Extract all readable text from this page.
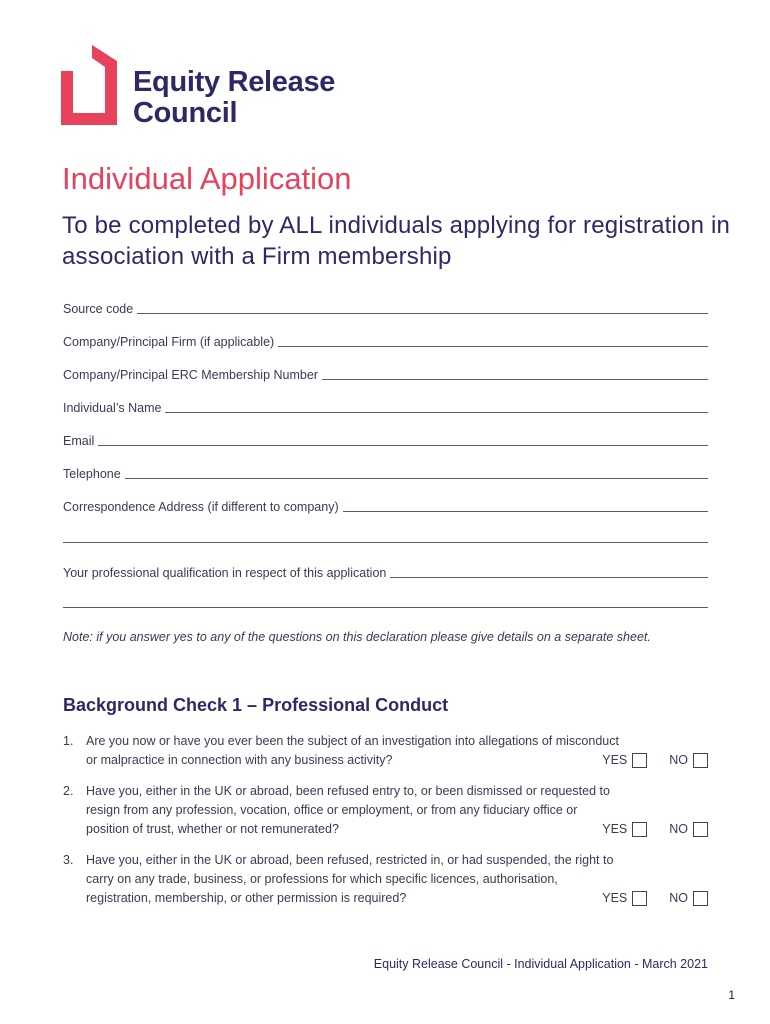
Equity Release
Council
Individual Application
To be completed by ALL individuals applying for registration in association with a Firm membership
Source code
Company/Principal Firm (if applicable)
Company/Principal ERC Membership Number
Individual’s Name
Email
Telephone
Correspondence Address (if different to company)
Your professional qualification in respect of this application
Note: if you answer yes to any of the questions on this declaration please give details on a separate sheet.
Background Check 1 – Professional Conduct
1.	Are you now or have you ever been the subject of an investigation into allegations of misconduct or malpractice in connection with any business activity?	YES	NO
2.	Have you, either in the UK or abroad, been refused entry to, or been dismissed or requested to resign from any profession, vocation, office or employment, or from any fiduciary office or position of trust, whether or not remunerated?	YES	NO
3.	Have you, either in the UK or abroad, been refused, restricted in, or had suspended, the right to carry on any trade, business, or professions for which specific licences, authorisation, registration, membership, or other permission is required?	YES	NO
Equity Release Council - Individual Application - March 2021
1
